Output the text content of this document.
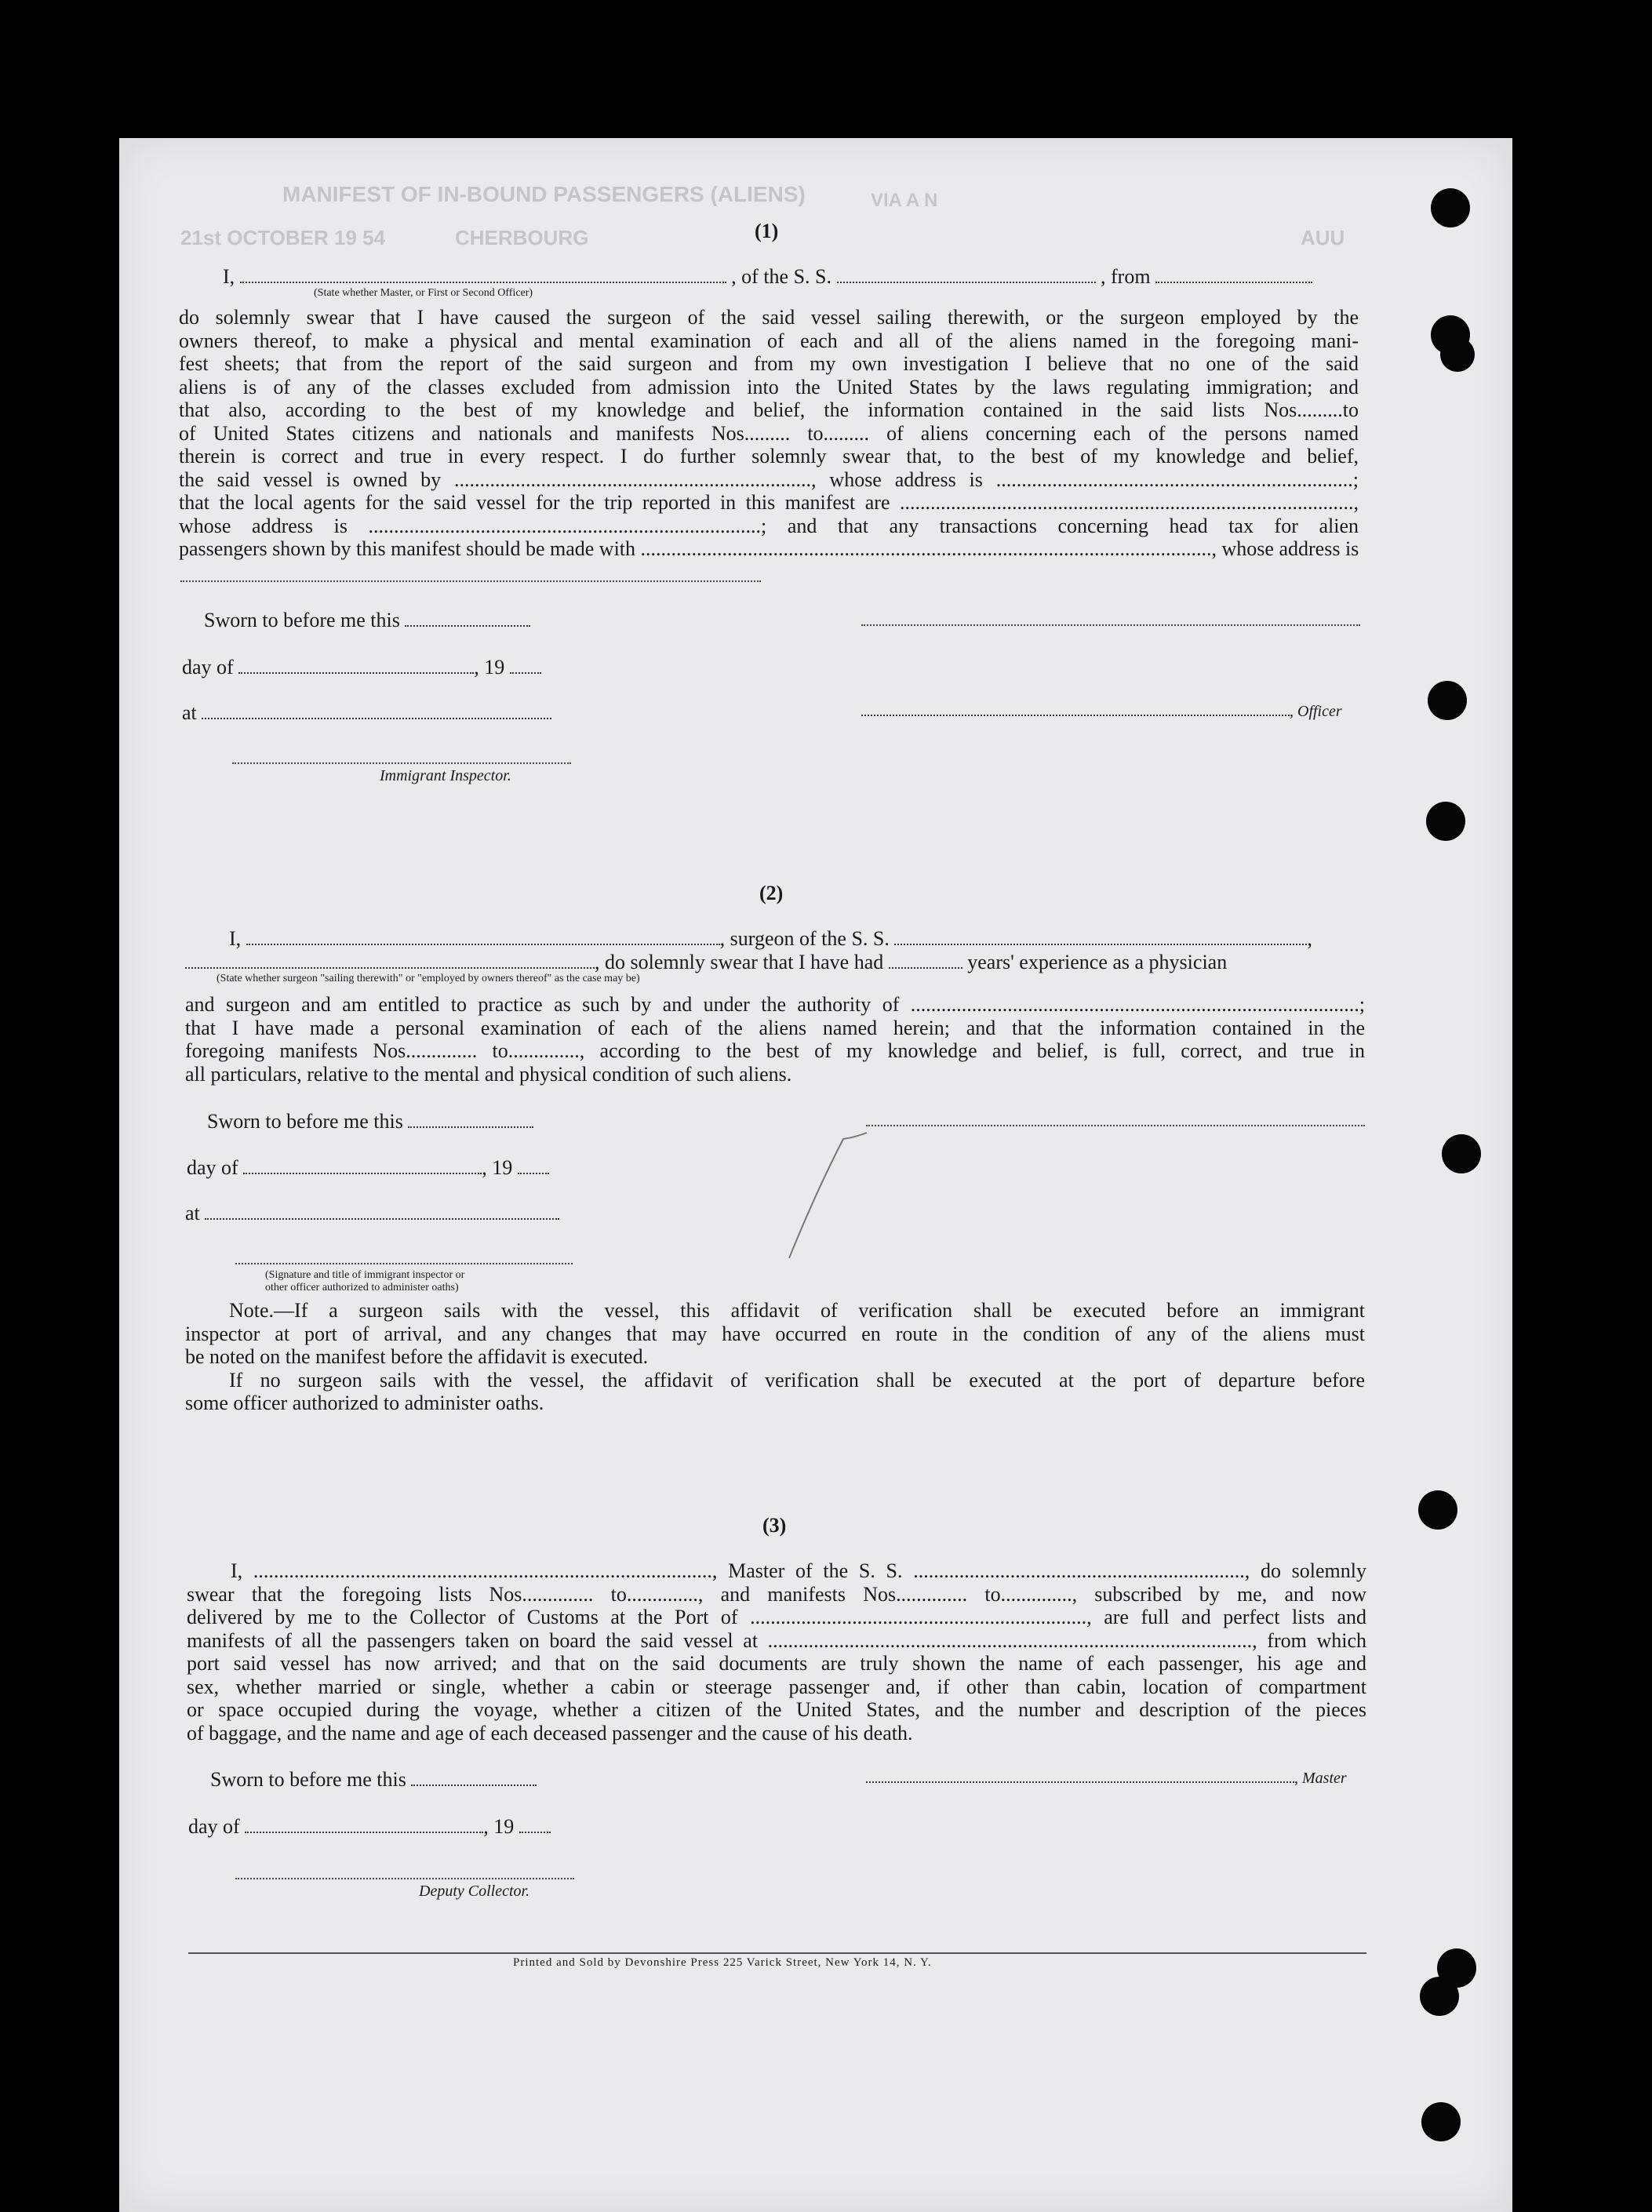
VIA A N
MANIFEST OF IN-BOUND PASSENGERS (ALIENS)
21st OCTOBER 19 54	CHERBOURG	AUU
(1)
I,	, of the S. S.	, from
(State whether Master, or First or Second Officer)
do solemnly swear that I have caused the surgeon of the said vessel sailing therewith, or the surgeon employed by the
owners thereof, to make a physical and mental examination of each and all of the aliens named in the foregoing mani-
fest sheets; that from the report of the said surgeon and from my own investigation I believe that no one of the said
aliens is of any of the classes excluded from admission into the United States by the laws regulating immigration; and
that also, according to the best of my knowledge and belief, the information contained in the said lists Nos.........to
of United States citizens and nationals and manifests Nos......... to......... of aliens concerning each of the persons named
therein is correct and true in every respect. I do further solemnly swear that, to the best of my knowledge and belief,
the said vessel is owned by ......................................................................, whose address is ......................................................................;
that the local agents for the said vessel for the trip reported in this manifest are .........................................................................................,
whose address is .............................................................................; and that any transactions concerning head tax for alien
passengers shown by this manifest should be made with ................................................................................................................, whose address is
Sworn to before me this
day of	, 19
at	, Officer
Immigrant Inspector.
(2)
I,	, surgeon of the S. S.	,
, do solemnly swear that I have had	years' experience as a physician
(State whether surgeon "sailing therewith" or "employed by owners thereof" as the case may be)
and surgeon and am entitled to practice as such by and under the authority of ........................................................................................;
that I have made a personal examination of each of the aliens named herein; and that the information contained in the
foregoing manifests Nos.............. to.............., according to the best of my knowledge and belief, is full, correct, and true in
all particulars, relative to the mental and physical condition of such aliens.
Sworn to before me this
day of	, 19
at
(Signature and title of immigrant inspector or
other officer authorized to administer oaths)
Note.—If a surgeon sails with the vessel, this affidavit of verification shall be executed before an immigrant
inspector at port of arrival, and any changes that may have occurred en route in the condition of any of the aliens must
be noted on the manifest before the affidavit is executed.
If no surgeon sails with the vessel, the affidavit of verification shall be executed at the port of departure before
some officer authorized to administer oaths.
(3)
I, .........................................................................................., Master of the S. S. ................................................................., do solemnly
swear that the foregoing lists Nos.............. to.............., and manifests Nos.............. to.............., subscribed by me, and now
delivered by me to the Collector of Customs at the Port of .................................................................., are full and perfect lists and
manifests of all the passengers taken on board the said vessel at ..............................................................................................., from which
port said vessel has now arrived; and that on the said documents are truly shown the name of each passenger, his age and
sex, whether married or single, whether a cabin or steerage passenger and, if other than cabin, location of compartment
or space occupied during the voyage, whether a citizen of the United States, and the number and description of the pieces
of baggage, and the name and age of each deceased passenger and the cause of his death.
Sworn to before me this	, Master
day of	, 19
Deputy Collector.
Printed and Sold by Devonshire Press 225 Varick Street, New York 14, N. Y.
